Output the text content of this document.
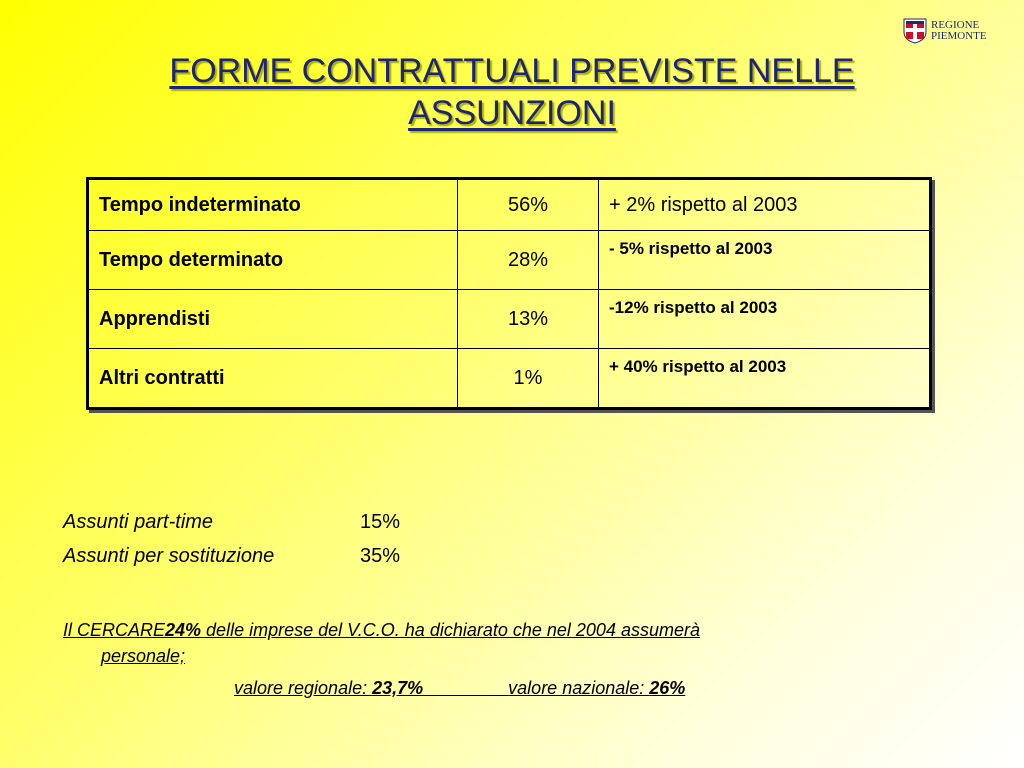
REGIONE
PIEMONTE
FORME CONTRATTUALI PREVISTE NELLE
ASSUNZIONI
Tempo indeterminato	56%	+ 2% rispetto al 2003
Tempo determinato	28%	- 5% rispetto al 2003
Apprendisti	13%	-12% rispetto al 2003
Altri contratti	1%	+ 40% rispetto al 2003
Assunti part-time	15%
Assunti per sostituzione	35%
Il CERCARE24% delle imprese del V.C.O. ha dichiarato che nel 2004 assumerà
personale;
valore regionale: 23,7%	valore nazionale: 26%
